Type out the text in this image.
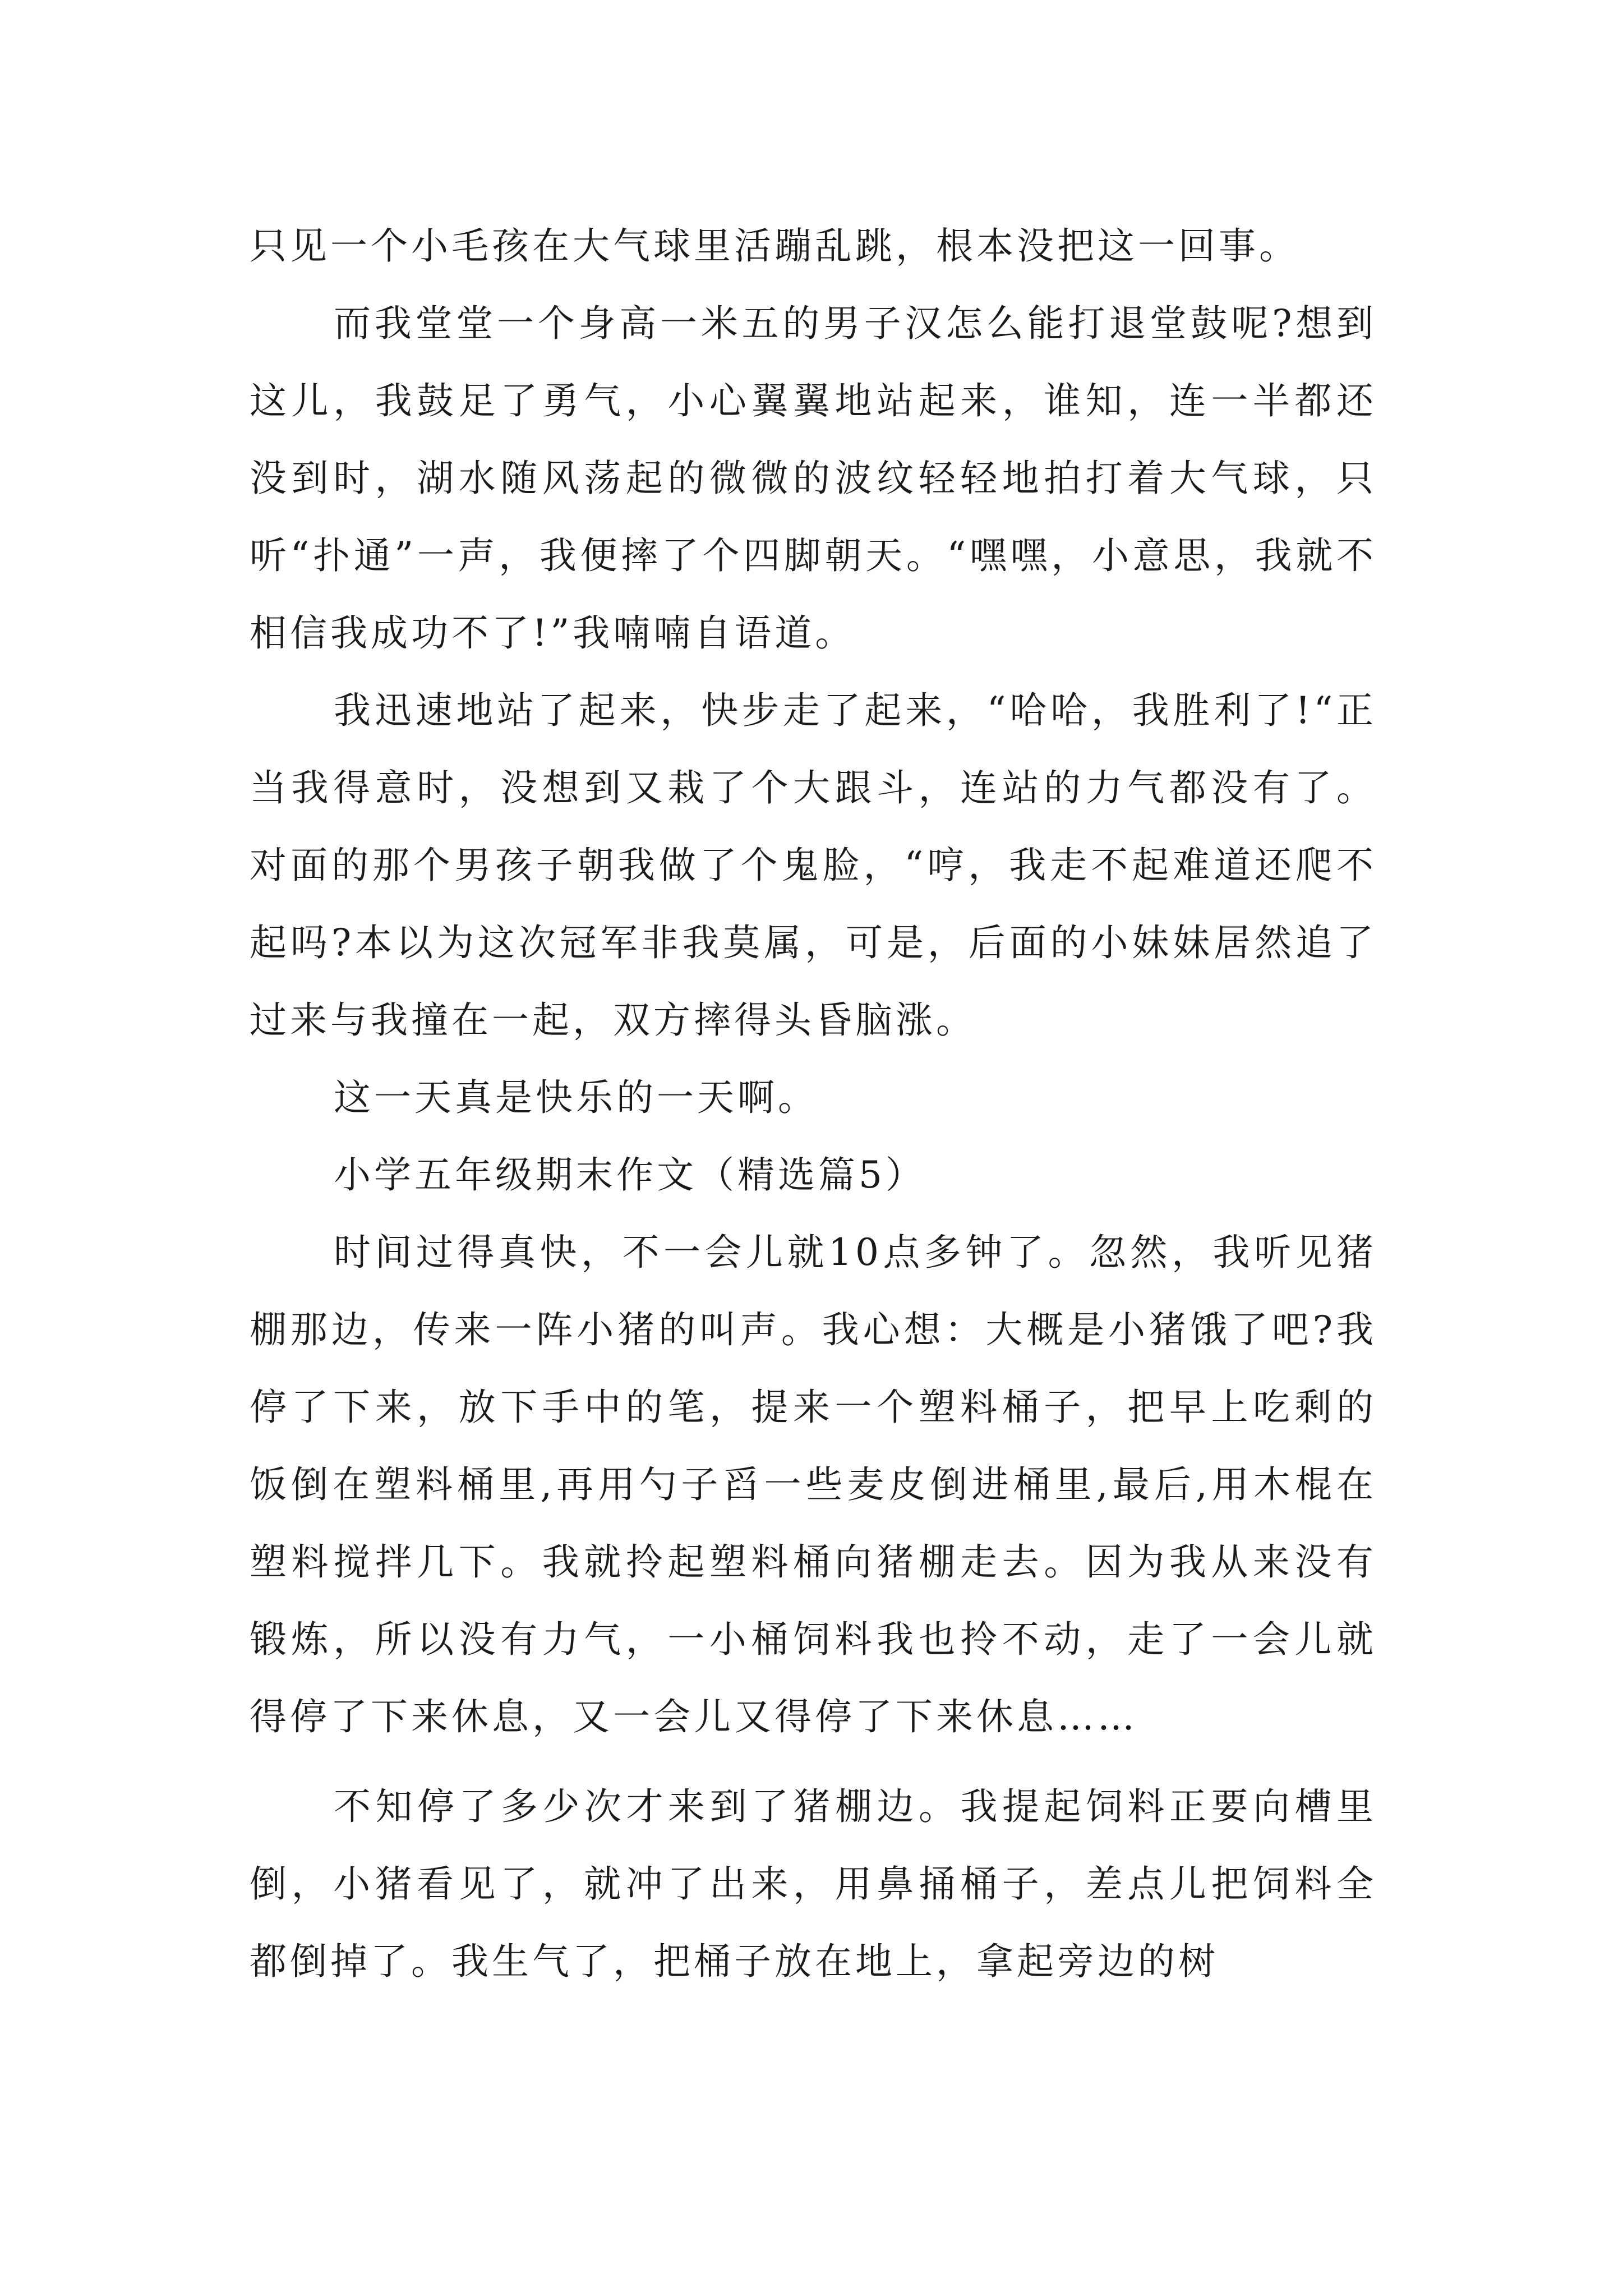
只见一个小毛孩在大气球里活蹦乱跳，根本没把这一回事。

而我堂堂一个身高一米五的男子汉怎么能打退堂鼓呢?想到这儿，我鼓足了勇气，小心翼翼地站起来，谁知，连一半都还没到时，湖水随风荡起的微微的波纹轻轻地拍打着大气球，只听“扑通”一声，我便摔了个四脚朝天。“嘿嘿，小意思，我就不相信我成功不了!”我喃喃自语道。

我迅速地站了起来，快步走了起来，“哈哈，我胜利了!“正当我得意时，没想到又栽了个大跟斗，连站的力气都没有了。对面的那个男孩子朝我做了个鬼脸，“哼，我走不起难道还爬不起吗?本以为这次冠军非我莫属，可是，后面的小妹妹居然追了过来与我撞在一起，双方摔得头昏脑涨。

这一天真是快乐的一天啊。

小学五年级期末作文（精选篇5）

时间过得真快，不一会儿就10点多钟了。忽然，我听见猪棚那边，传来一阵小猪的叫声。我心想：大概是小猪饿了吧?我停了下来，放下手中的笔，提来一个塑料桶子，把早上吃剩的饭倒在塑料桶里,再用勺子舀一些麦皮倒进桶里,最后,用木棍在塑料搅拌几下。我就拎起塑料桶向猪棚走去。因为我从来没有锻炼，所以没有力气，一小桶饲料我也拎不动，走了一会儿就得停了下来休息，又一会儿又得停了下来休息……

不知停了多少次才来到了猪棚边。我提起饲料正要向槽里倒，小猪看见了，就冲了出来，用鼻捅桶子，差点儿把饲料全都倒掉了。我生气了，把桶子放在地上，拿起旁边的树
